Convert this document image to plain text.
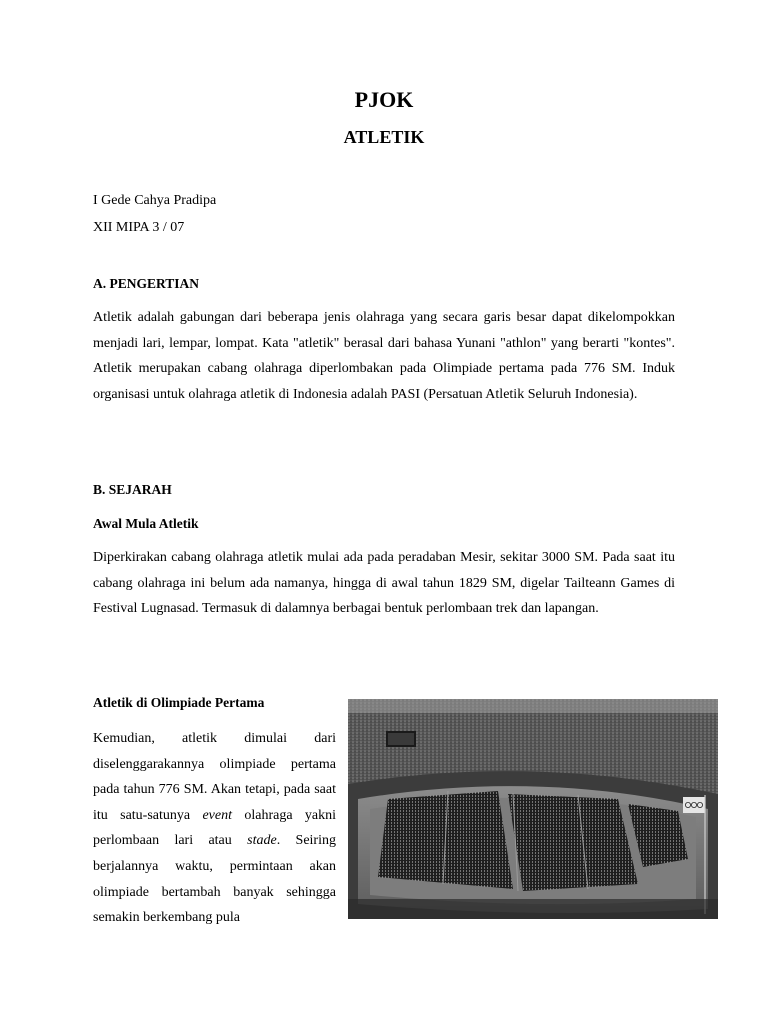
PJOK
ATLETIK

I Gede Cahya Pradipa

XII MIPA 3 / 07

A. PENGERTIAN

Atletik adalah gabungan dari beberapa jenis olahraga yang secara garis besar dapat dikelompokkan menjadi lari, lempar, lompat. Kata "atletik" berasal dari bahasa Yunani "athlon" yang berarti "kontes". Atletik merupakan cabang olahraga diperlombakan pada Olimpiade pertama pada 776 SM. Induk organisasi untuk olahraga atletik di Indonesia adalah PASI (Persatuan Atletik Seluruh Indonesia).

B. SEJARAH

Awal Mula Atletik

Diperkirakan cabang olahraga atletik mulai ada pada peradaban Mesir, sekitar 3000 SM. Pada saat itu cabang olahraga ini belum ada namanya, hingga di awal tahun 1829 SM, digelar Tailteann Games di Festival Lugnasad. Termasuk di dalamnya berbagai bentuk perlombaan trek dan lapangan.

Atletik di Olimpiade Pertama

Kemudian, atletik dimulai dari diselenggarakannya olimpiade pertama pada tahun 776 SM. Akan tetapi, pada saat itu satu-satunya event olahraga yakni perlombaan lari atau stade. Seiring berjalannya waktu, permintaan akan olimpiade bertambah banyak sehingga semakin berkembang pula
